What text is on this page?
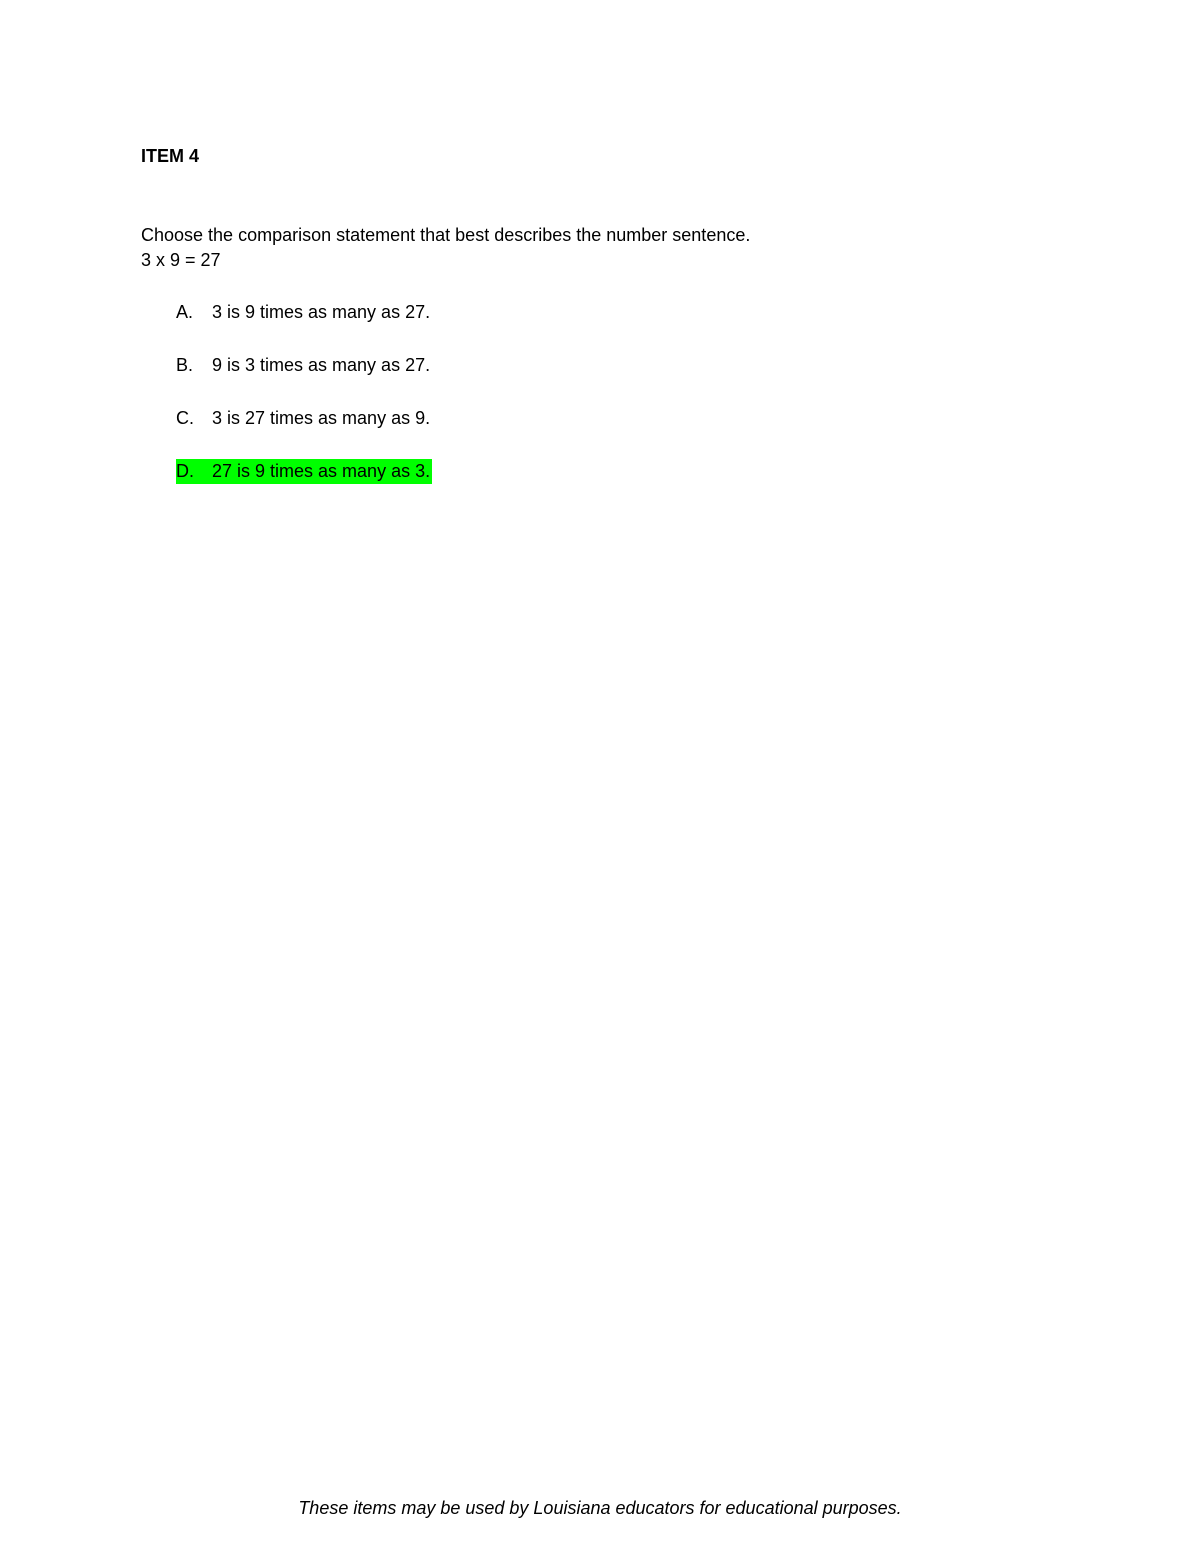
ITEM 4

Choose the comparison statement that best describes the number sentence.

3 x 9 = 27

A. 3 is 9 times as many as 27.
B. 9 is 3 times as many as 27.
C. 3 is 27 times as many as 9.
D. 27 is 9 times as many as 3.

These items may be used by Louisiana educators for educational purposes.
